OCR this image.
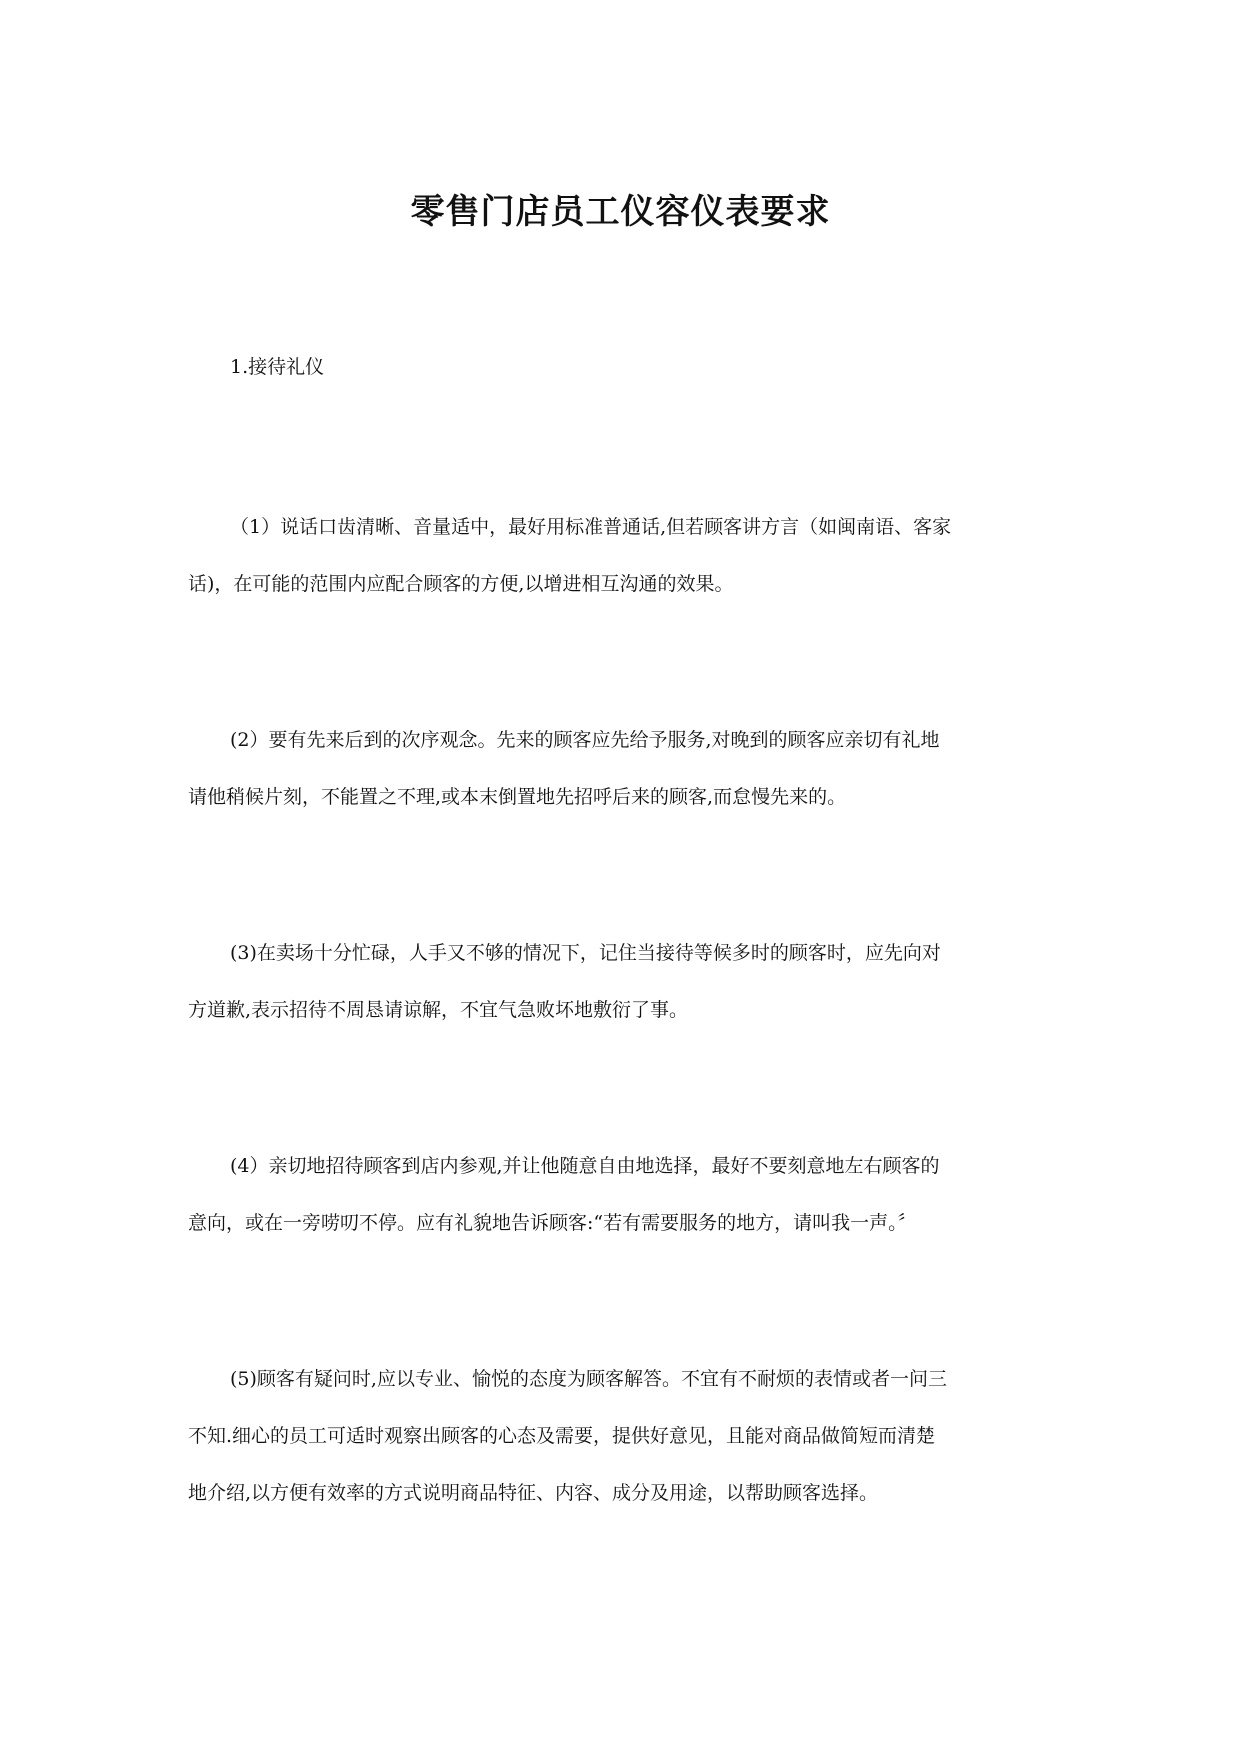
零售门店员工仪容仪表要求

1.接待礼仪

（1）说话口齿清晰、音量适中，最好用标准普通话,但若顾客讲方言（如闽南语、客家
话)，在可能的范围内应配合顾客的方便,以增进相互沟通的效果。

(2）要有先来后到的次序观念。先来的顾客应先给予服务,对晚到的顾客应亲切有礼地
请他稍候片刻，不能置之不理,或本末倒置地先招呼后来的顾客,而怠慢先来的。

(3)在卖场十分忙碌，人手又不够的情况下，记住当接待等候多时的顾客时，应先向对
方道歉,表示招待不周恳请谅解，不宜气急败坏地敷衍了事。

(4）亲切地招待顾客到店内参观,并让他随意自由地选择，最好不要刻意地左右顾客的
意向，或在一旁唠叨不停。应有礼貌地告诉顾客:“若有需要服务的地方，请叫我一声。〞

(5)顾客有疑问时,应以专业、愉悦的态度为顾客解答。不宜有不耐烦的表情或者一问三
不知.细心的员工可适时观察出顾客的心态及需要，提供好意见，且能对商品做简短而清楚
地介绍,以方便有效率的方式说明商品特征、内容、成分及用途，以帮助顾客选择。
